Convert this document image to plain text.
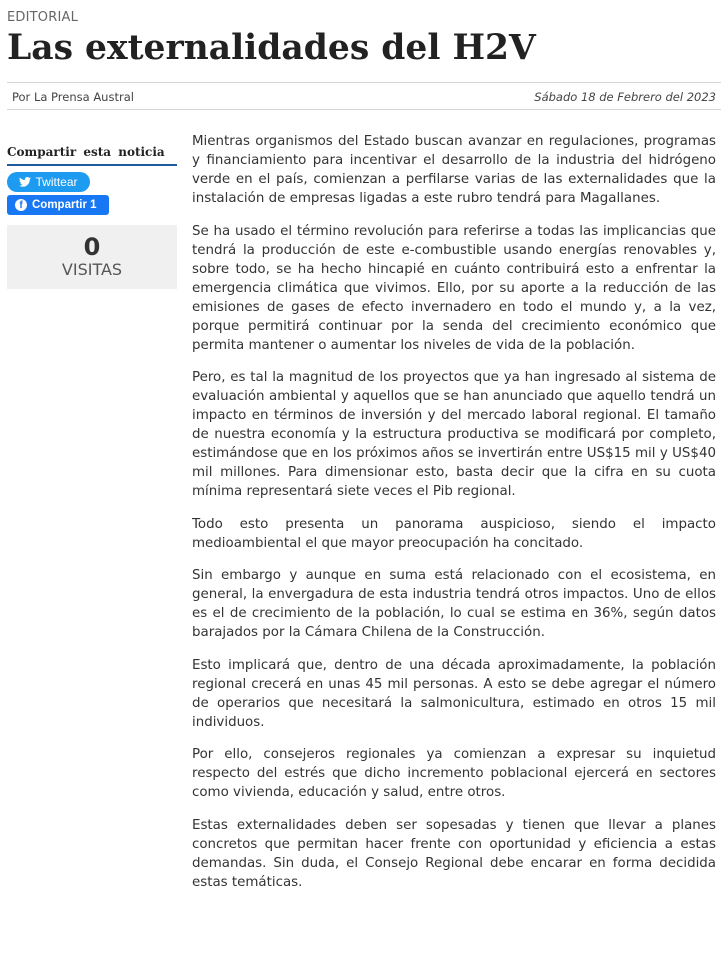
EDITORIAL
Las externalidades del H2V
Por La Prensa Austral	Sábado 18 de Febrero del 2023
Compartir esta noticia
Twittear
f Compartir 1
0
VISITAS

Mientras organismos del Estado buscan avanzar en regulaciones, programas y financiamiento para incentivar el desarrollo de la industria del hidrógeno verde en el país, comienzan a perfilarse varias de las externalidades que la instalación de empresas ligadas a este rubro tendrá para Magallanes.

Se ha usado el término revolución para referirse a todas las implicancias que tendrá la producción de este e-combustible usando energías renovables y, sobre todo, se ha hecho hincapié en cuánto contribuirá esto a enfrentar la emergencia climática que vivimos. Ello, por su aporte a la reducción de las emisiones de gases de efecto invernadero en todo el mundo y, a la vez, porque permitirá continuar por la senda del crecimiento económico que permita mantener o aumentar los niveles de vida de la población.

Pero, es tal la magnitud de los proyectos que ya han ingresado al sistema de evaluación ambiental y aquellos que se han anunciado que aquello tendrá un impacto en términos de inversión y del mercado laboral regional. El tamaño de nuestra economía y la estructura productiva se modificará por completo, estimándose que en los próximos años se invertirán entre US$15 mil y US$40 mil millones. Para dimensionar esto, basta decir que la cifra en su cuota mínima representará siete veces el Pib regional.

Todo esto presenta un panorama auspicioso, siendo el impacto medioambiental el que mayor preocupación ha concitado.

Sin embargo y aunque en suma está relacionado con el ecosistema, en general, la envergadura de esta industria tendrá otros impactos. Uno de ellos es el de crecimiento de la población, lo cual se estima en 36%, según datos barajados por la Cámara Chilena de la Construcción.

Esto implicará que, dentro de una década aproximadamente, la población regional crecerá en unas 45 mil personas. A esto se debe agregar el número de operarios que necesitará la salmonicultura, estimado en otros 15 mil individuos.

Por ello, consejeros regionales ya comienzan a expresar su inquietud respecto del estrés que dicho incremento poblacional ejercerá en sectores como vivienda, educación y salud, entre otros.

Estas externalidades deben ser sopesadas y tienen que llevar a planes concretos que permitan hacer frente con oportunidad y eficiencia a estas demandas. Sin duda, el Consejo Regional debe encarar en forma decidida estas temáticas.
